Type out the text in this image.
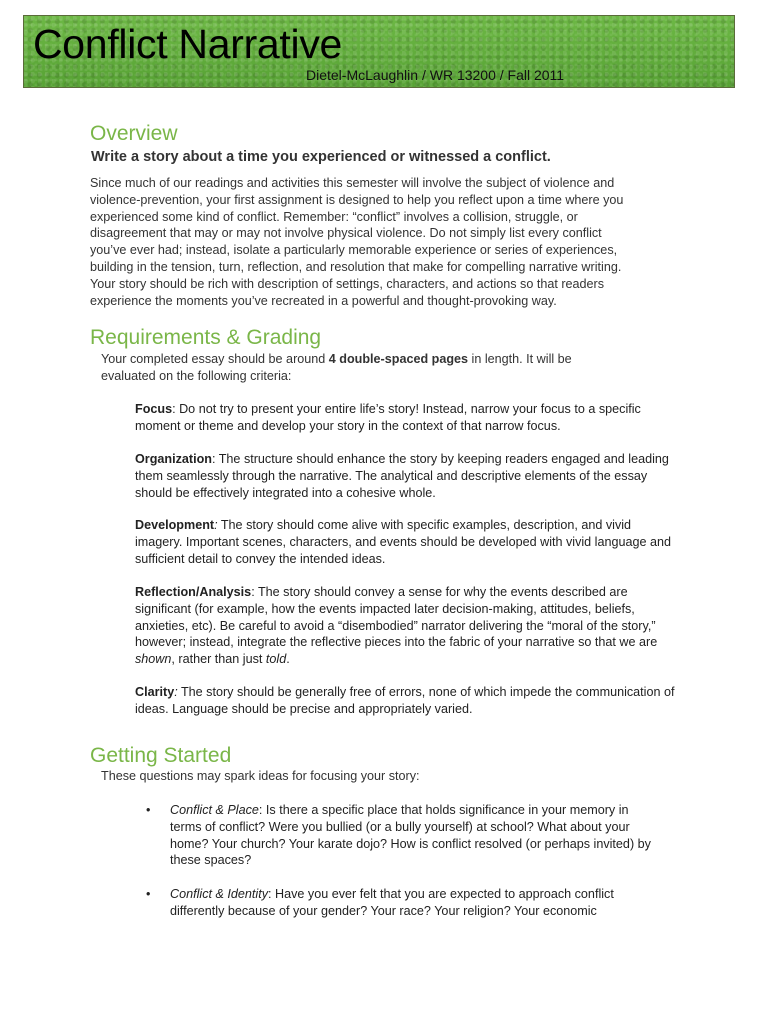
Conflict Narrative
Dietel-McLaughlin / WR 13200 / Fall 2011
Overview
Write a story about a time you experienced or witnessed a conflict.

Since much of our readings and activities this semester will involve the subject of violence and

violence-prevention, your first assignment is designed to help you reflect upon a time where you

experienced some kind of conflict. Remember: “conflict” involves a collision, struggle, or

disagreement that may or may not involve physical violence. Do not simply list every conflict

you’ve ever had; instead, isolate a particularly memorable experience or series of experiences,

building in the tension, turn, reflection, and resolution that make for compelling narrative writing.

Your story should be rich with description of settings, characters, and actions so that readers

experience the moments you’ve recreated in a powerful and thought-provoking way.

Requirements & Grading

Your completed essay should be around 4 double-spaced pages in length. It will be

evaluated on the following criteria:

Focus: Do not try to present your entire life’s story! Instead, narrow your focus to a specific moment or theme and develop your story in the context of that narrow focus.
Organization: The structure should enhance the story by keeping readers engaged and leading them seamlessly through the narrative. The analytical and descriptive elements of the essay should be effectively integrated into a cohesive whole.
Development: The story should come alive with specific examples, description, and vivid imagery. Important scenes, characters, and events should be developed with vivid language and sufficient detail to convey the intended ideas.
Reflection/Analysis: The story should convey a sense for why the events described are significant (for example, how the events impacted later decision-making, attitudes, beliefs, anxieties, etc). Be careful to avoid a “disembodied” narrator delivering the “moral of the story,” however; instead, integrate the reflective pieces into the fabric of your narrative so that we are shown, rather than just told.
Clarity: The story should be generally free of errors, none of which impede the communication of ideas. Language should be precise and appropriately varied.
Getting Started
These questions may spark ideas for focusing your story:
• Conflict & Place: Is there a specific place that holds significance in your memory in terms of conflict? Were you bullied (or a bully yourself) at school? What about your home? Your church? Your karate dojo? How is conflict resolved (or perhaps invited) by these spaces?
• Conflict & Identity: Have you ever felt that you are expected to approach conflict differently because of your gender? Your race? Your religion? Your economic
